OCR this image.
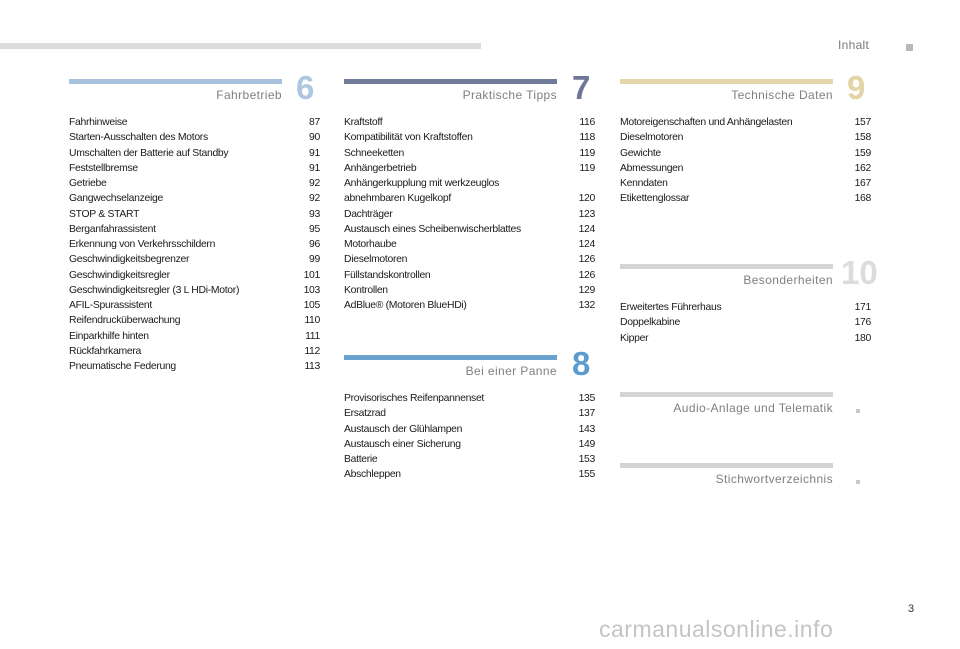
Inhalt
Fahrbetrieb 6
Fahrhinweise	87
Starten-Ausschalten des Motors	90
Umschalten der Batterie auf Standby	91
Feststellbremse	91
Getriebe	92
Gangwechselanzeige	92
STOP & START	93
Berganfahrassistent	95
Erkennung von Verkehrsschildern	96
Geschwindigkeitsbegrenzer	99
Geschwindigkeitsregler	101
Geschwindigkeitsregler (3 L HDi-Motor)	103
AFIL-Spurassistent	105
Reifendrucküberwachung	110
Einparkhilfe hinten	111
Rückfahrkamera	112
Pneumatische Federung	113
Praktische Tipps 7
Kraftstoff	116
Kompatibilität von Kraftstoffen	118
Schneeketten	119
Anhängerbetrieb	119
Anhängerkupplung mit werkzeuglos abnehmbaren Kugelkopf	120
Dachträger	123
Austausch eines Scheibenwischerblattes	124
Motorhaube	124
Dieselmotoren	126
Füllstandskontrollen	126
Kontrollen	129
AdBlue® (Motoren BlueHDi)	132
Bei einer Panne 8
Provisorisches Reifenpannenset	135
Ersatzrad	137
Austausch der Glühlampen	143
Austausch einer Sicherung	149
Batterie	153
Abschleppen	155
Technische Daten 9
Motoreigenschaften und Anhängelasten	157
Dieselmotoren	158
Gewichte	159
Abmessungen	162
Kenndaten	167
Etikettenglossar	168
Besonderheiten 10
Erweitertes Führerhaus	171
Doppelkabine	176
Kipper	180
Audio-Anlage und Telematik
Stichwortverzeichnis
3
carmanualsonline.info
